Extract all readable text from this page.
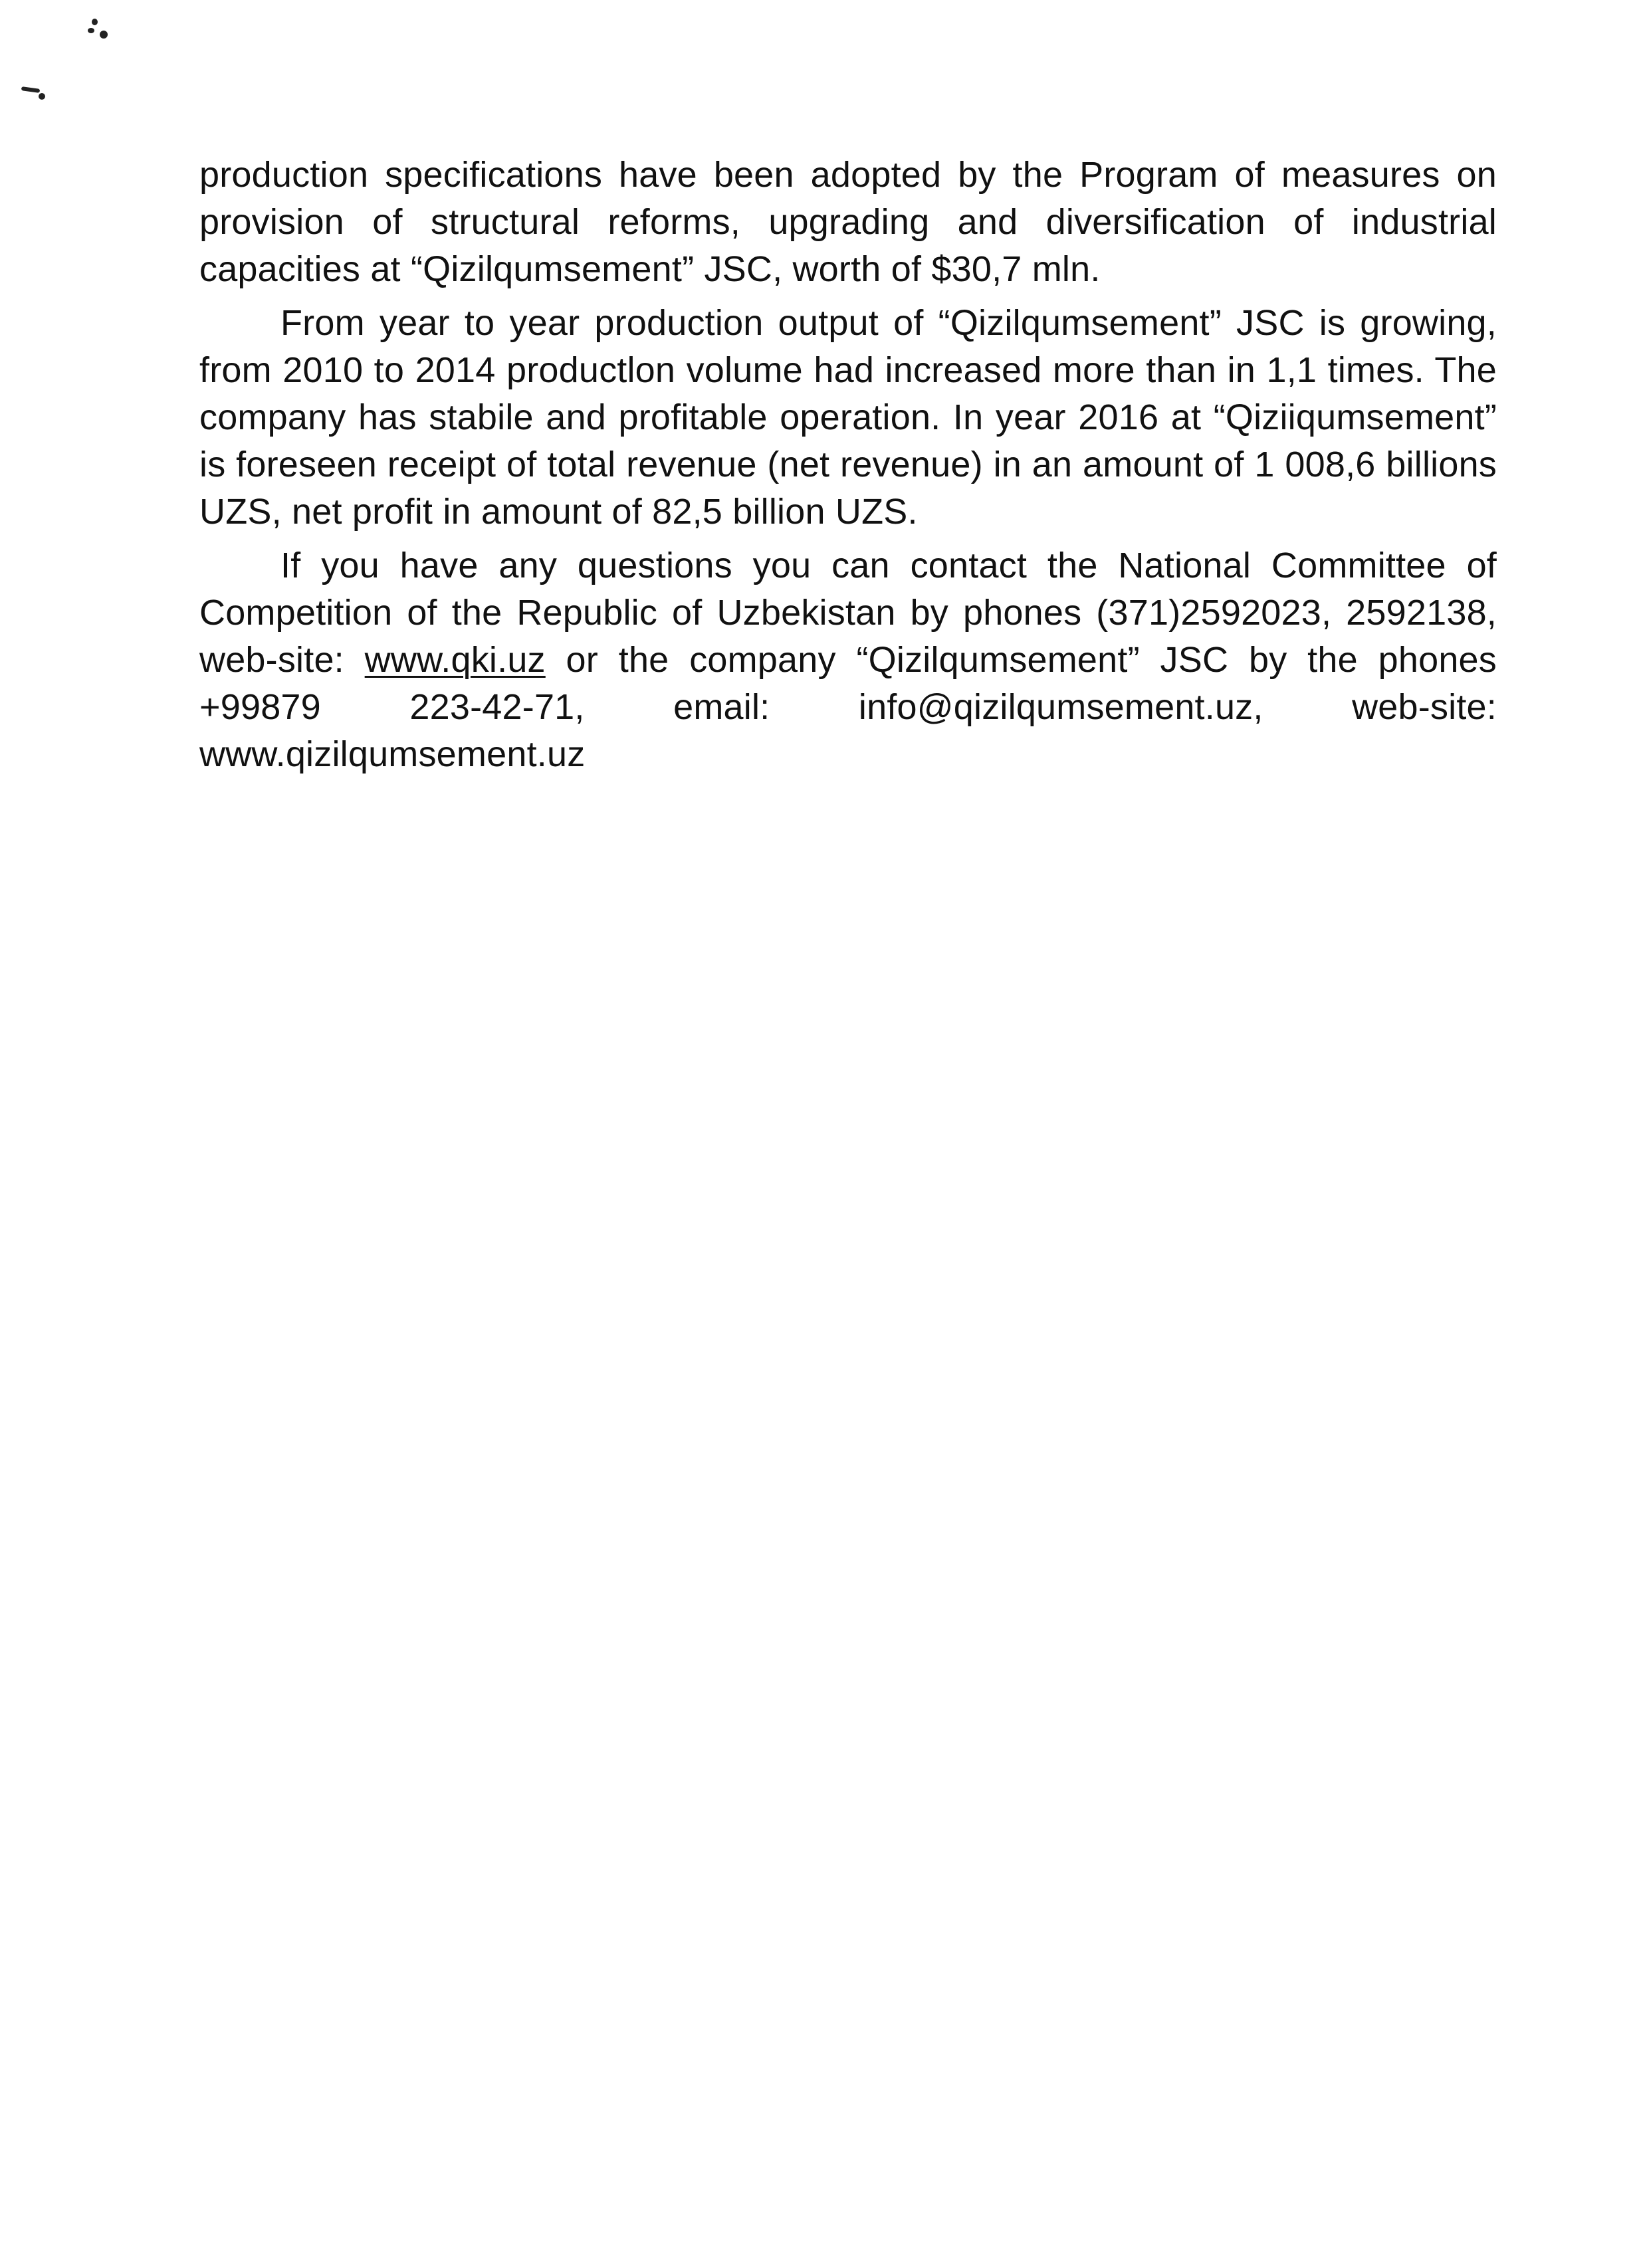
production specifications have been adopted by the Program of measures on provision of structural reforms, upgrading and diversification of industrial capacities at “Qizilqumsement” JSC, worth of $30,7 mln.

From year to year production output of “Qizilqumsement” JSC is growing, from 2010 to 2014 productlon volume had increased more than in 1,1 times. The company has stabile and profitable operation. In year 2016 at “Qiziiqumsement” is foreseen receipt of total revenue (net revenue) in an amount of 1 008,6 billions UZS, net profit in amount of 82,5 billion UZS.

If you have any questions you can contact the National Committee of Competition of the Republic of Uzbekistan by phones (371)2592023, 2592138, web-site: www.qki.uz or the company “Qizilqumsement” JSC by the phones +99879 223-42-71, email: info@qizilqumsement.uz, web-site: www.qizilqumsement.uz
